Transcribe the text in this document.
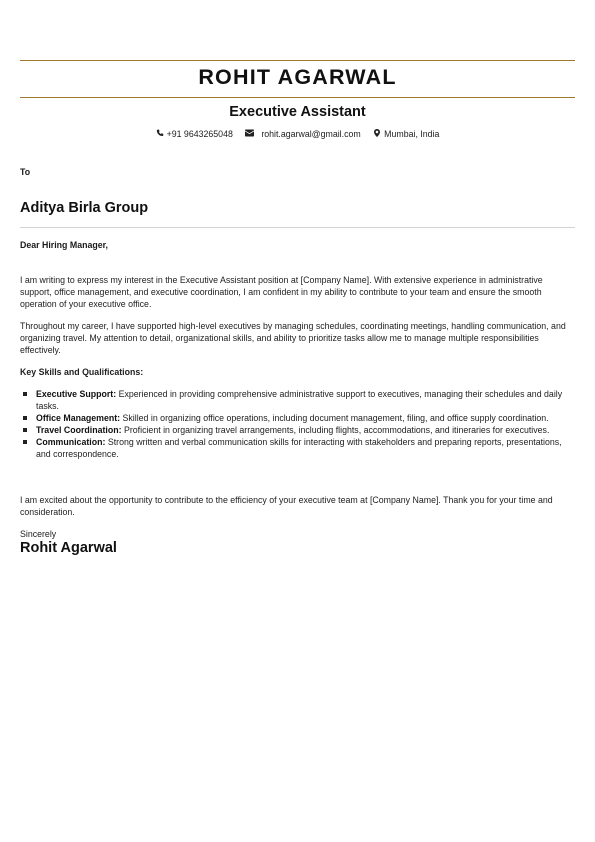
ROHIT AGARWAL
Executive Assistant
+91 9643265048
	rohit.agarwal@gmail.com
	Mumbai, India
To
Aditya Birla Group
Dear Hiring Manager,

I am writing to express my interest in the Executive Assistant position at [Company Name]. With extensive experience in administrative support, office management, and executive coordination, I am confident in my ability to contribute to your team and ensure the smooth operation of your executive office.

Throughout my career, I have supported high-level executives by managing schedules, coordinating meetings, handling communication, and organizing travel. My attention to detail, organizational skills, and ability to prioritize tasks allow me to manage multiple responsibilities effectively.

Key Skills and Qualifications:
Executive Support: Experienced in providing comprehensive administrative support to executives, managing their schedules and daily tasks.
Office Management: Skilled in organizing office operations, including document management, filing, and office supply coordination.
Travel Coordination: Proficient in organizing travel arrangements, including flights, accommodations, and itineraries for executives.
Communication: Strong written and verbal communication skills for interacting with stakeholders and preparing reports, presentations, and correspondence.

I am excited about the opportunity to contribute to the efficiency of your executive team at [Company Name]. Thank you for your time and consideration.

Sincerely
Rohit Agarwal
